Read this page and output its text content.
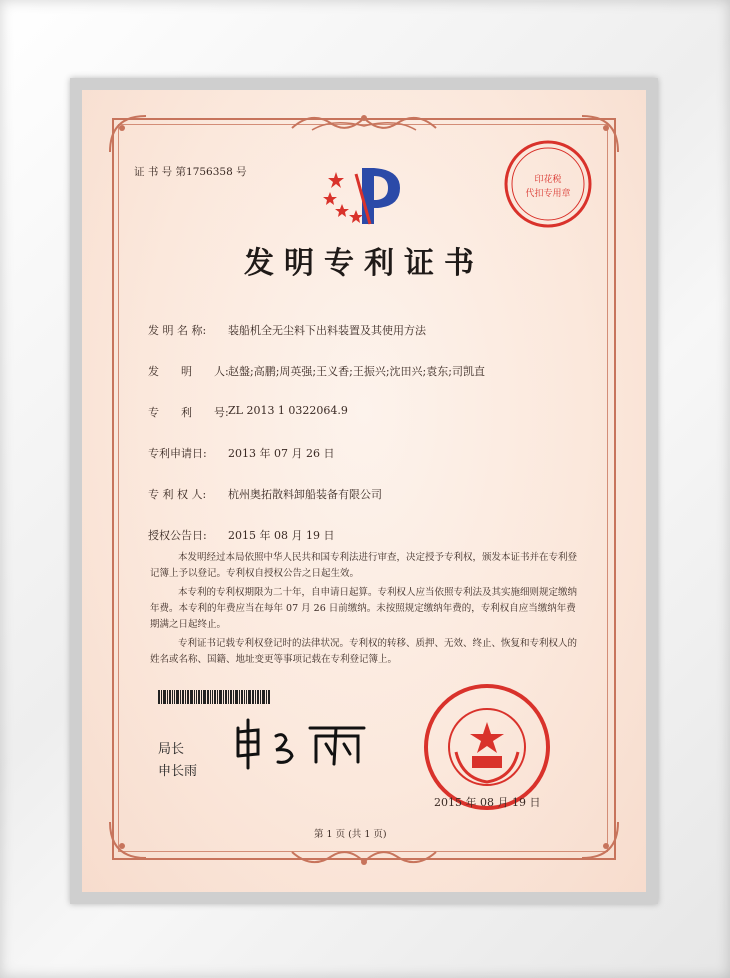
证 书 号 第1756358 号
印花税
代扣专用章
发明专利证书
发 明 名 称: 装船机全无尘料下出料装置及其使用方法
发　　明　　人: 赵盤;高鹏;周英强;王义香;王振兴;沈田兴;袁东;司凯直
专　　利　　号: ZL 2013 1 0322064.9
专利申请日: 2013 年 07 月 26 日
专 利 权 人: 杭州奥拓散料卸船装备有限公司
授权公告日: 2015 年 08 月 19 日
本发明经过本局依照中华人民共和国专利法进行审查，决定授予专利权，颁发本证书并在专利登记簿上予以登记。专利权自授权公告之日起生效。
本专利的专利权期限为二十年，自申请日起算。专利权人应当依照专利法及其实施细则规定缴纳年费。本专利的年费应当在每年 07 月 26 日前缴纳。未按照规定缴纳年费的，专利权自应当缴纳年费期满之日起终止。
专利证书记载专利权登记时的法律状况。专利权的转移、质押、无效、终止、恢复和专利权人的姓名或名称、国籍、地址变更等事项记载在专利登记簿上。
局长
申长雨
2015 年 08 月 19 日
第 1 页 (共 1 页)
